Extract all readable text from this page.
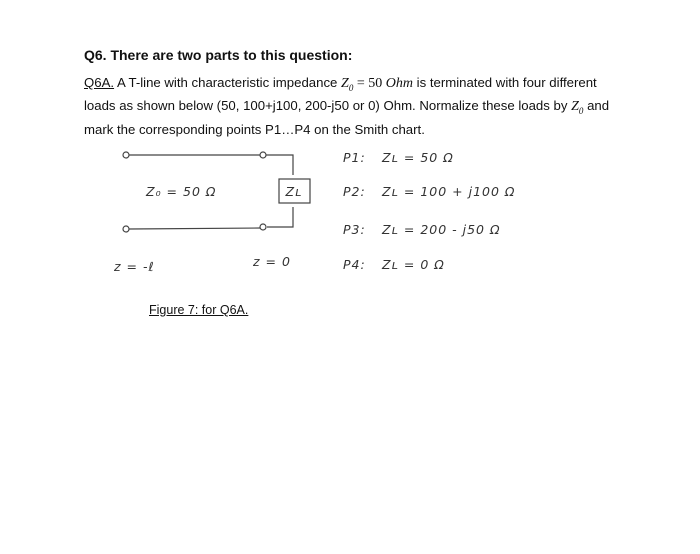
Q6. There are two parts to this question:

Q6A. A T-line with characteristic impedance $Z_0 = 50$ Ohm is terminated with four different loads as shown below (50, 100+j100, 200-j50 or 0) Ohm. Normalize these loads by $Z_0$ and mark the corresponding points P1…P4 on the Smith chart.

Zʟ
Z₀ = 50 Ω
z = -ℓ	z = 0
P1: Zʟ = 50 Ω
P2: Zʟ = 100 + j100 Ω
P3: Zʟ = 200 - j50 Ω
P4: Zʟ = 0 Ω

Figure 7: for Q6A.
